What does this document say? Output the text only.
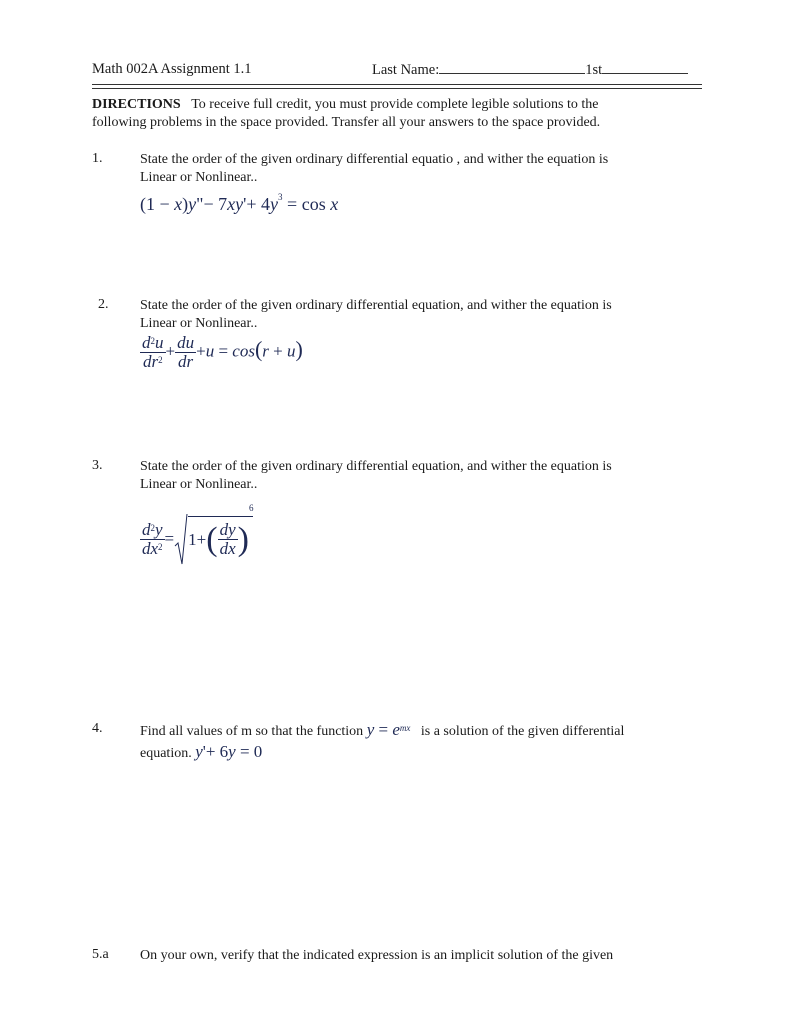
Math 002A Assignment 1.1	Last Name:	1st
DIRECTIONS To receive full credit, you must provide complete legible solutions to the
following problems in the space provided. Transfer all your answers to the space provided.
1.	State the order of the given ordinary differential equatio , and wither the equation is
Linear or Nonlinear..
(1 − x)y"− $7xy'+ 4y^3 = \cos x$
2. State the order of the given ordinary differential equation, and wither the equation is
Linear or Nonlinear..
$\frac{d^2u}{dr^2} + \frac{du}{dr} +u = \cos(r + u)$
3.	State the order of the given ordinary differential equation, and wither the equation is
Linear or Nonlinear..
$\frac{d^2y}{dx^2} = 1+( \frac{dy}{dx} )^6$
4.	Find all values of m so that the function $y = e^{mx}$ is a solution of the given differential
equation. y'+ 6y = 0
5.a On your own, verify that the indicated expression is an implicit solution of the given
